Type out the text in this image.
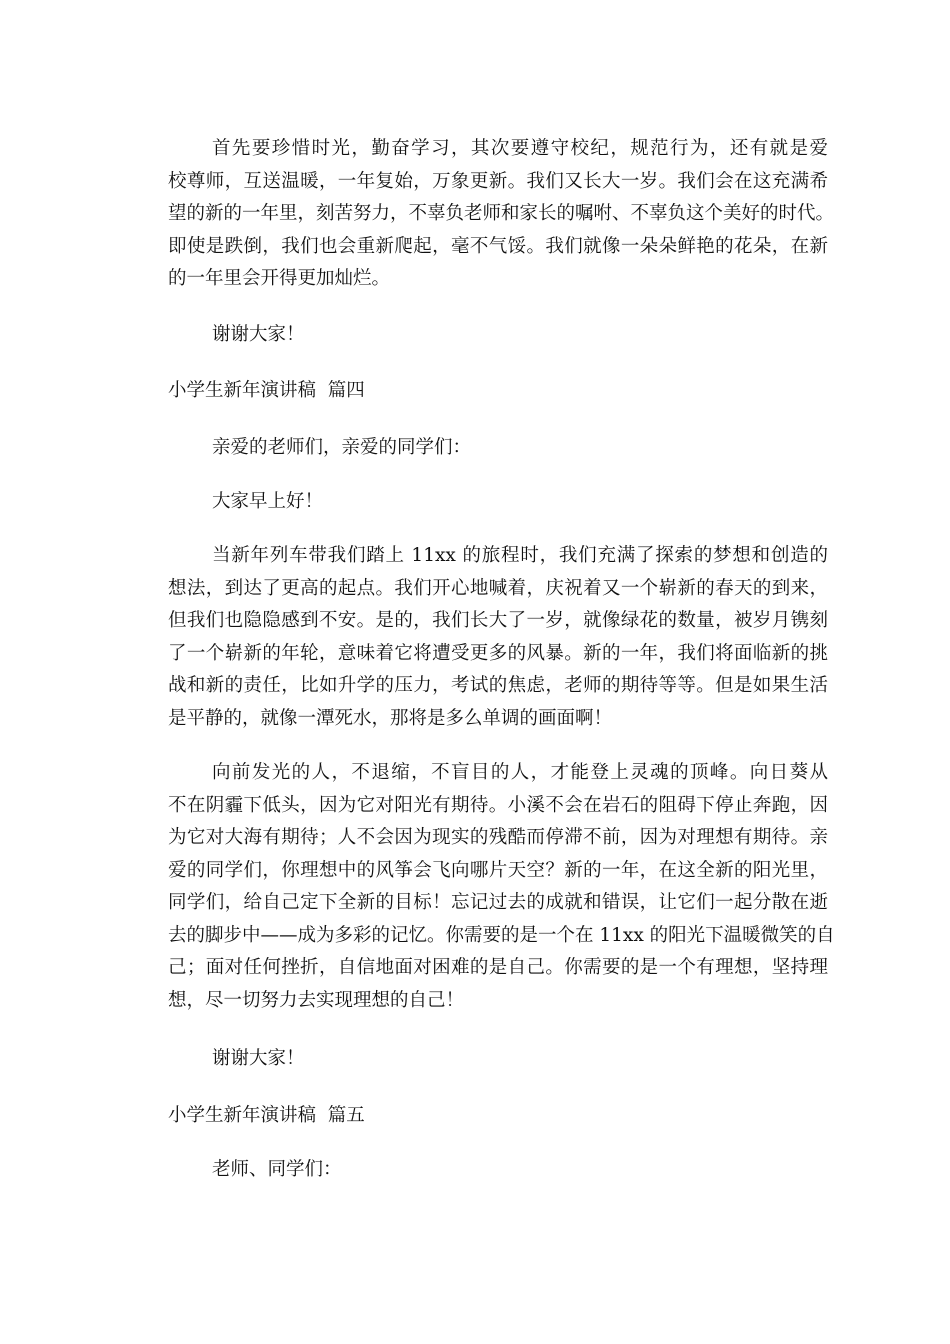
首先要珍惜时光，勤奋学习，其次要遵守校纪，规范行为，还有就是爱
校尊师，互送温暖，一年复始，万象更新。我们又长大一岁。我们会在这充满希
望的新的一年里，刻苦努力，不辜负老师和家长的嘱咐、不辜负这个美好的时代。
即使是跌倒，我们也会重新爬起，毫不气馁。我们就像一朵朵鲜艳的花朵，在新
的一年里会开得更加灿烂。
谢谢大家！
小学生新年演讲稿  篇四
亲爱的老师们，亲爱的同学们：
大家早上好！
当新年列车带我们踏上 11xx 的旅程时，我们充满了探索的梦想和创造的
想法，到达了更高的起点。我们开心地喊着，庆祝着又一个崭新的春天的到来，
但我们也隐隐感到不安。是的，我们长大了一岁，就像绿花的数量，被岁月镌刻
了一个崭新的年轮，意味着它将遭受更多的风暴。新的一年，我们将面临新的挑
战和新的责任，比如升学的压力，考试的焦虑，老师的期待等等。但是如果生活
是平静的，就像一潭死水，那将是多么单调的画面啊！
向前发光的人，不退缩，不盲目的人，才能登上灵魂的顶峰。向日葵从
不在阴霾下低头，因为它对阳光有期待。小溪不会在岩石的阻碍下停止奔跑，因
为它对大海有期待；人不会因为现实的残酷而停滞不前，因为对理想有期待。亲
爱的同学们，你理想中的风筝会飞向哪片天空？新的一年，在这全新的阳光里，
同学们，给自己定下全新的目标！忘记过去的成就和错误，让它们一起分散在逝
去的脚步中——成为多彩的记忆。你需要的是一个在 11xx 的阳光下温暖微笑的自
己；面对任何挫折，自信地面对困难的是自己。你需要的是一个有理想，坚持理
想，尽一切努力去实现理想的自己！
谢谢大家！
小学生新年演讲稿  篇五
老师、同学们：
